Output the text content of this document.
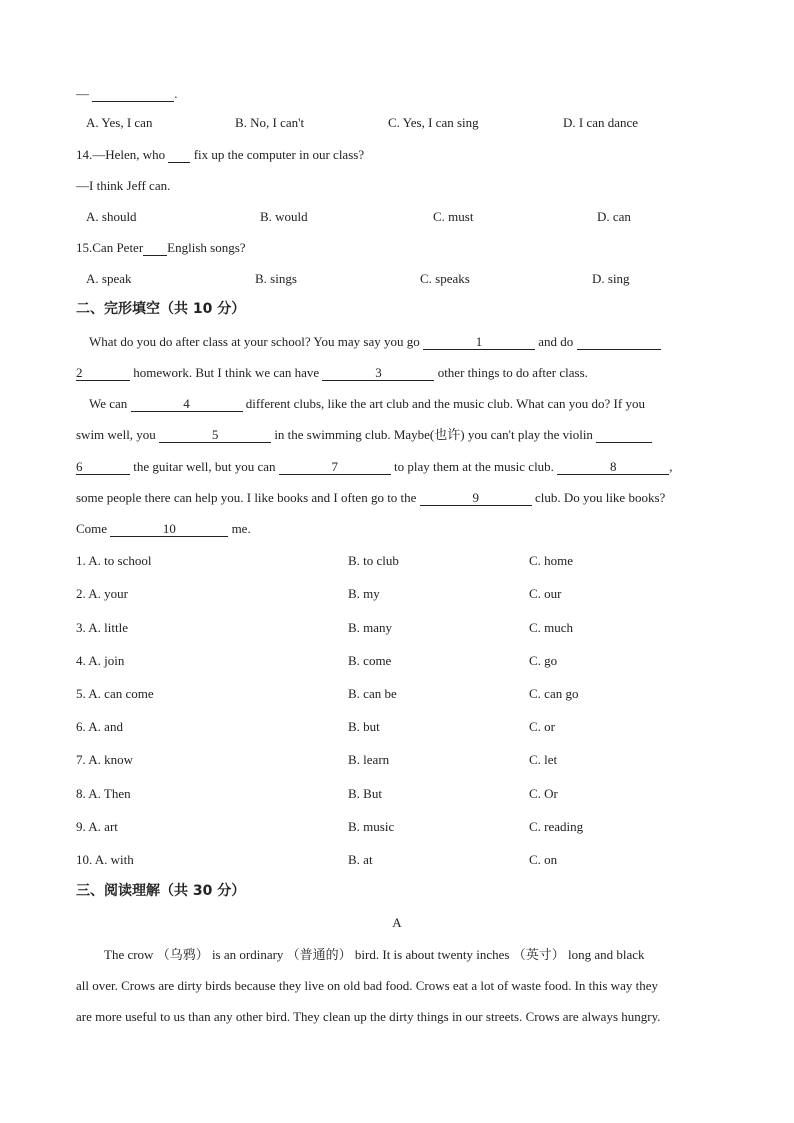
—	.
A. Yes, I can	B. No, I can't	C. Yes, I can sing	D. I can dance
14.—Helen, who fix up the computer in our class?
—I think Jeff can.
A. should	B. would	C. must	D. can
15.Can Peter English songs?
A. speak	B. sings	C. speaks	D. sing
二、完形填空（共 10 分）
What do you do after class at your school? You may say you go	1	and do
2	homework. But I think we can have	3	other things to do after class.
We can	4	different clubs, like the art club and the music club. What can you do? If you
swim well, you	5	in the swimming club. Maybe(也许) you can't play the violin
6	the guitar well, but you can	7	to play them at the music club.	8	,
some people there can help you. I like books and I often go to the	9	club. Do you like books?
Come	10	me.
1. A. to school	B. to club	C. home
2. A. your	B. my	C. our
3. A. little	B. many	C. much
4. A. join	B. come	C. go
5. A. can come	B. can be	C. can go
6. A. and	B. but	C. or
7. A. know	B. learn	C. let
8. A. Then	B. But	C. Or
9. A. art	B. music	C. reading
10. A. with	B. at	C. on
三、阅读理解（共 30 分）
A
The crow （乌鸦） is an ordinary （普通的） bird. It is about twenty inches （英寸） long and black
all over. Crows are dirty birds because they live on old bad food. Crows eat a lot of waste food. In this way they
are more useful to us than any other bird. They clean up the dirty things in our streets. Crows are always hungry.
